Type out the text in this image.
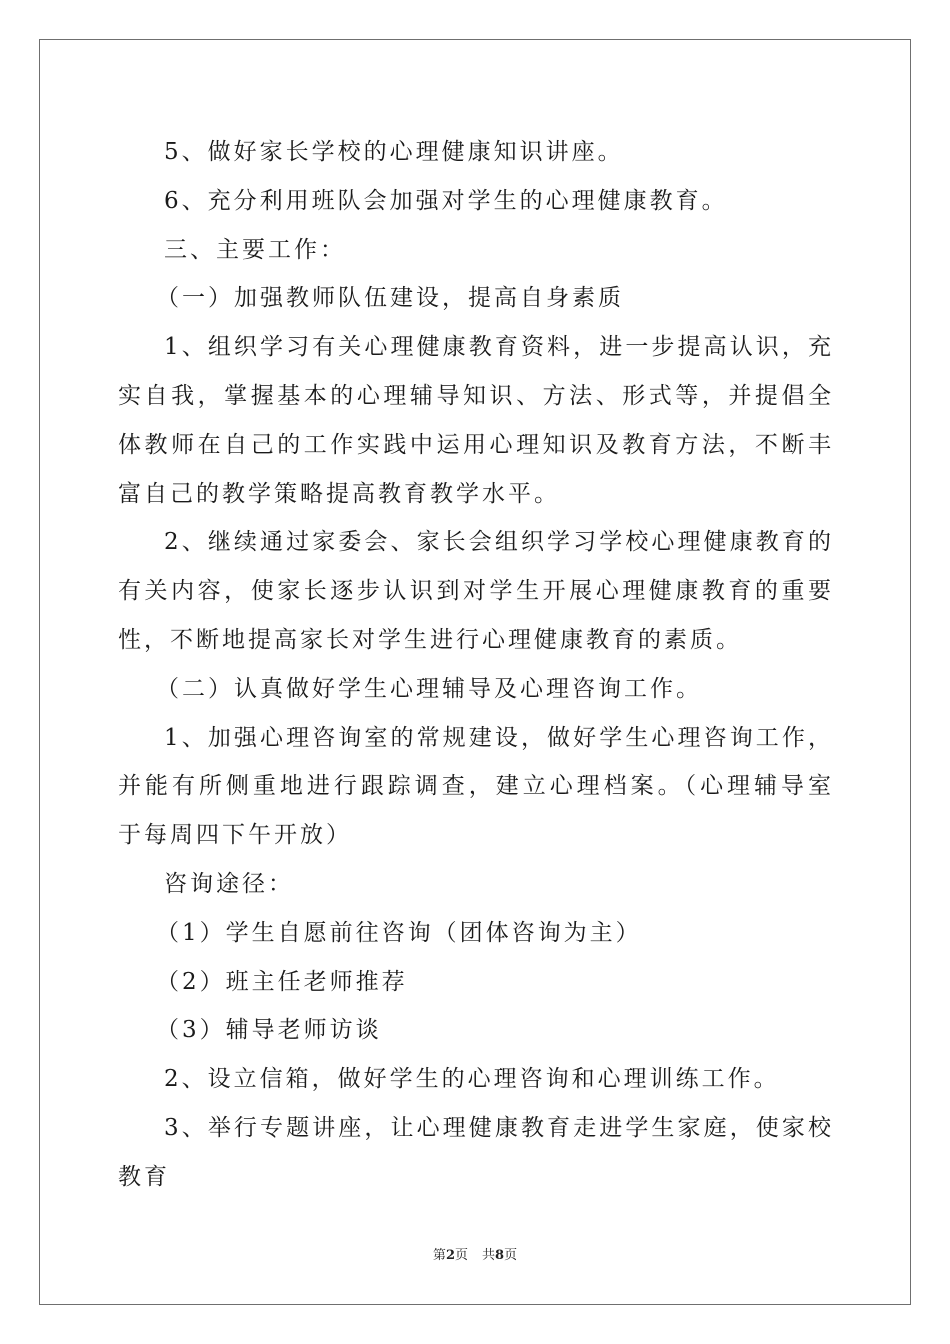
5、做好家长学校的心理健康知识讲座。

6、充分利用班队会加强对学生的心理健康教育。

三、主要工作：

（一）加强教师队伍建设，提高自身素质

1、组织学习有关心理健康教育资料，进一步提高认识，充实自我，掌握基本的心理辅导知识、方法、形式等，并提倡全体教师在自己的工作实践中运用心理知识及教育方法，不断丰富自己的教学策略提高教育教学水平。

2、继续通过家委会、家长会组织学习学校心理健康教育的有关内容，使家长逐步认识到对学生开展心理健康教育的重要性，不断地提高家长对学生进行心理健康教育的素质。

（二）认真做好学生心理辅导及心理咨询工作。

1、加强心理咨询室的常规建设，做好学生心理咨询工作，并能有所侧重地进行跟踪调查，建立心理档案。（心理辅导室于每周四下午开放）

咨询途径：

（1）学生自愿前往咨询（团体咨询为主）

（2）班主任老师推荐

（3）辅导老师访谈

2、设立信箱，做好学生的心理咨询和心理训练工作。

3、举行专题讲座，让心理健康教育走进学生家庭，使家校教育

第2页 共8页
